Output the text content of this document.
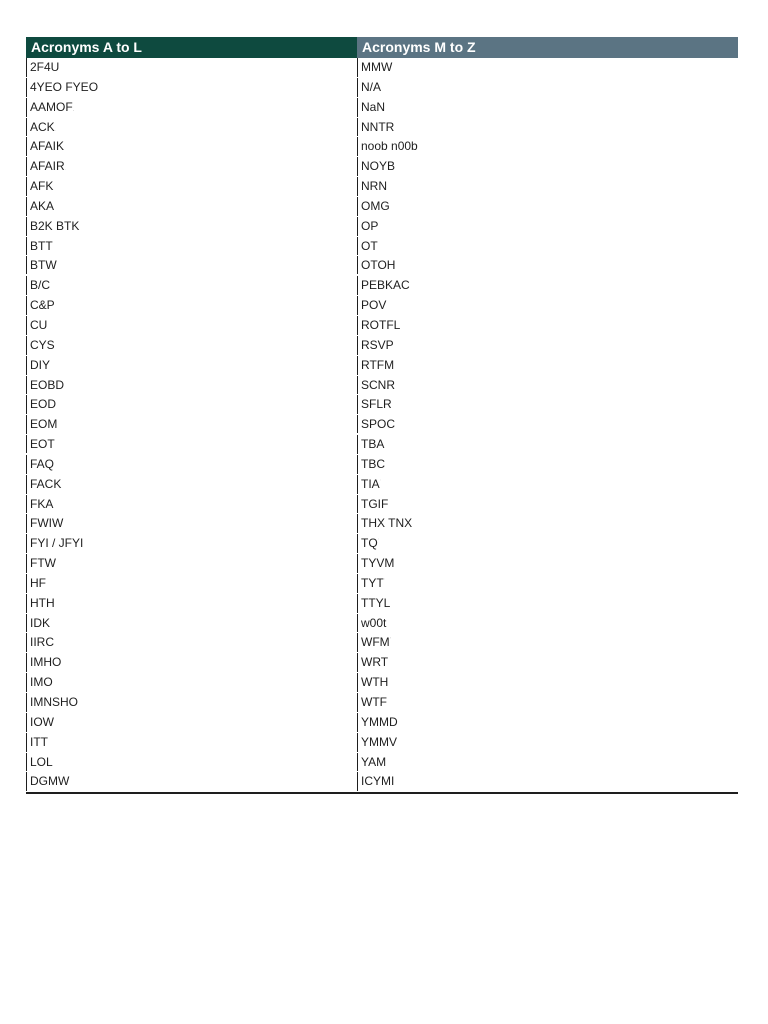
Acronyms A to L
2F4U
4YEO FYEO
AAMOF
ACK
AFAIK
AFAIR
AFK
AKA
B2K BTK
BTT
BTW
B/C
C&P
CU
CYS
DIY
EOBD
EOD
EOM
EOT
FAQ
FACK
FKA
FWIW
FYI / JFYI
FTW
HF
HTH
IDK
IIRC
IMHO
IMO
IMNSHO
IOW
ITT
LOL
DGMW
Acronyms M to Z
MMW
N/A
NaN
NNTR
noob n00b
NOYB
NRN
OMG
OP
OT
OTOH
PEBKAC
POV
ROTFL
RSVP
RTFM
SCNR
SFLR
SPOC
TBA
TBC
TIA
TGIF
THX TNX
TQ
TYVM
TYT
TTYL
w00t
WFM
WRT
WTH
WTF
YMMD
YMMV
YAM
ICYMI
